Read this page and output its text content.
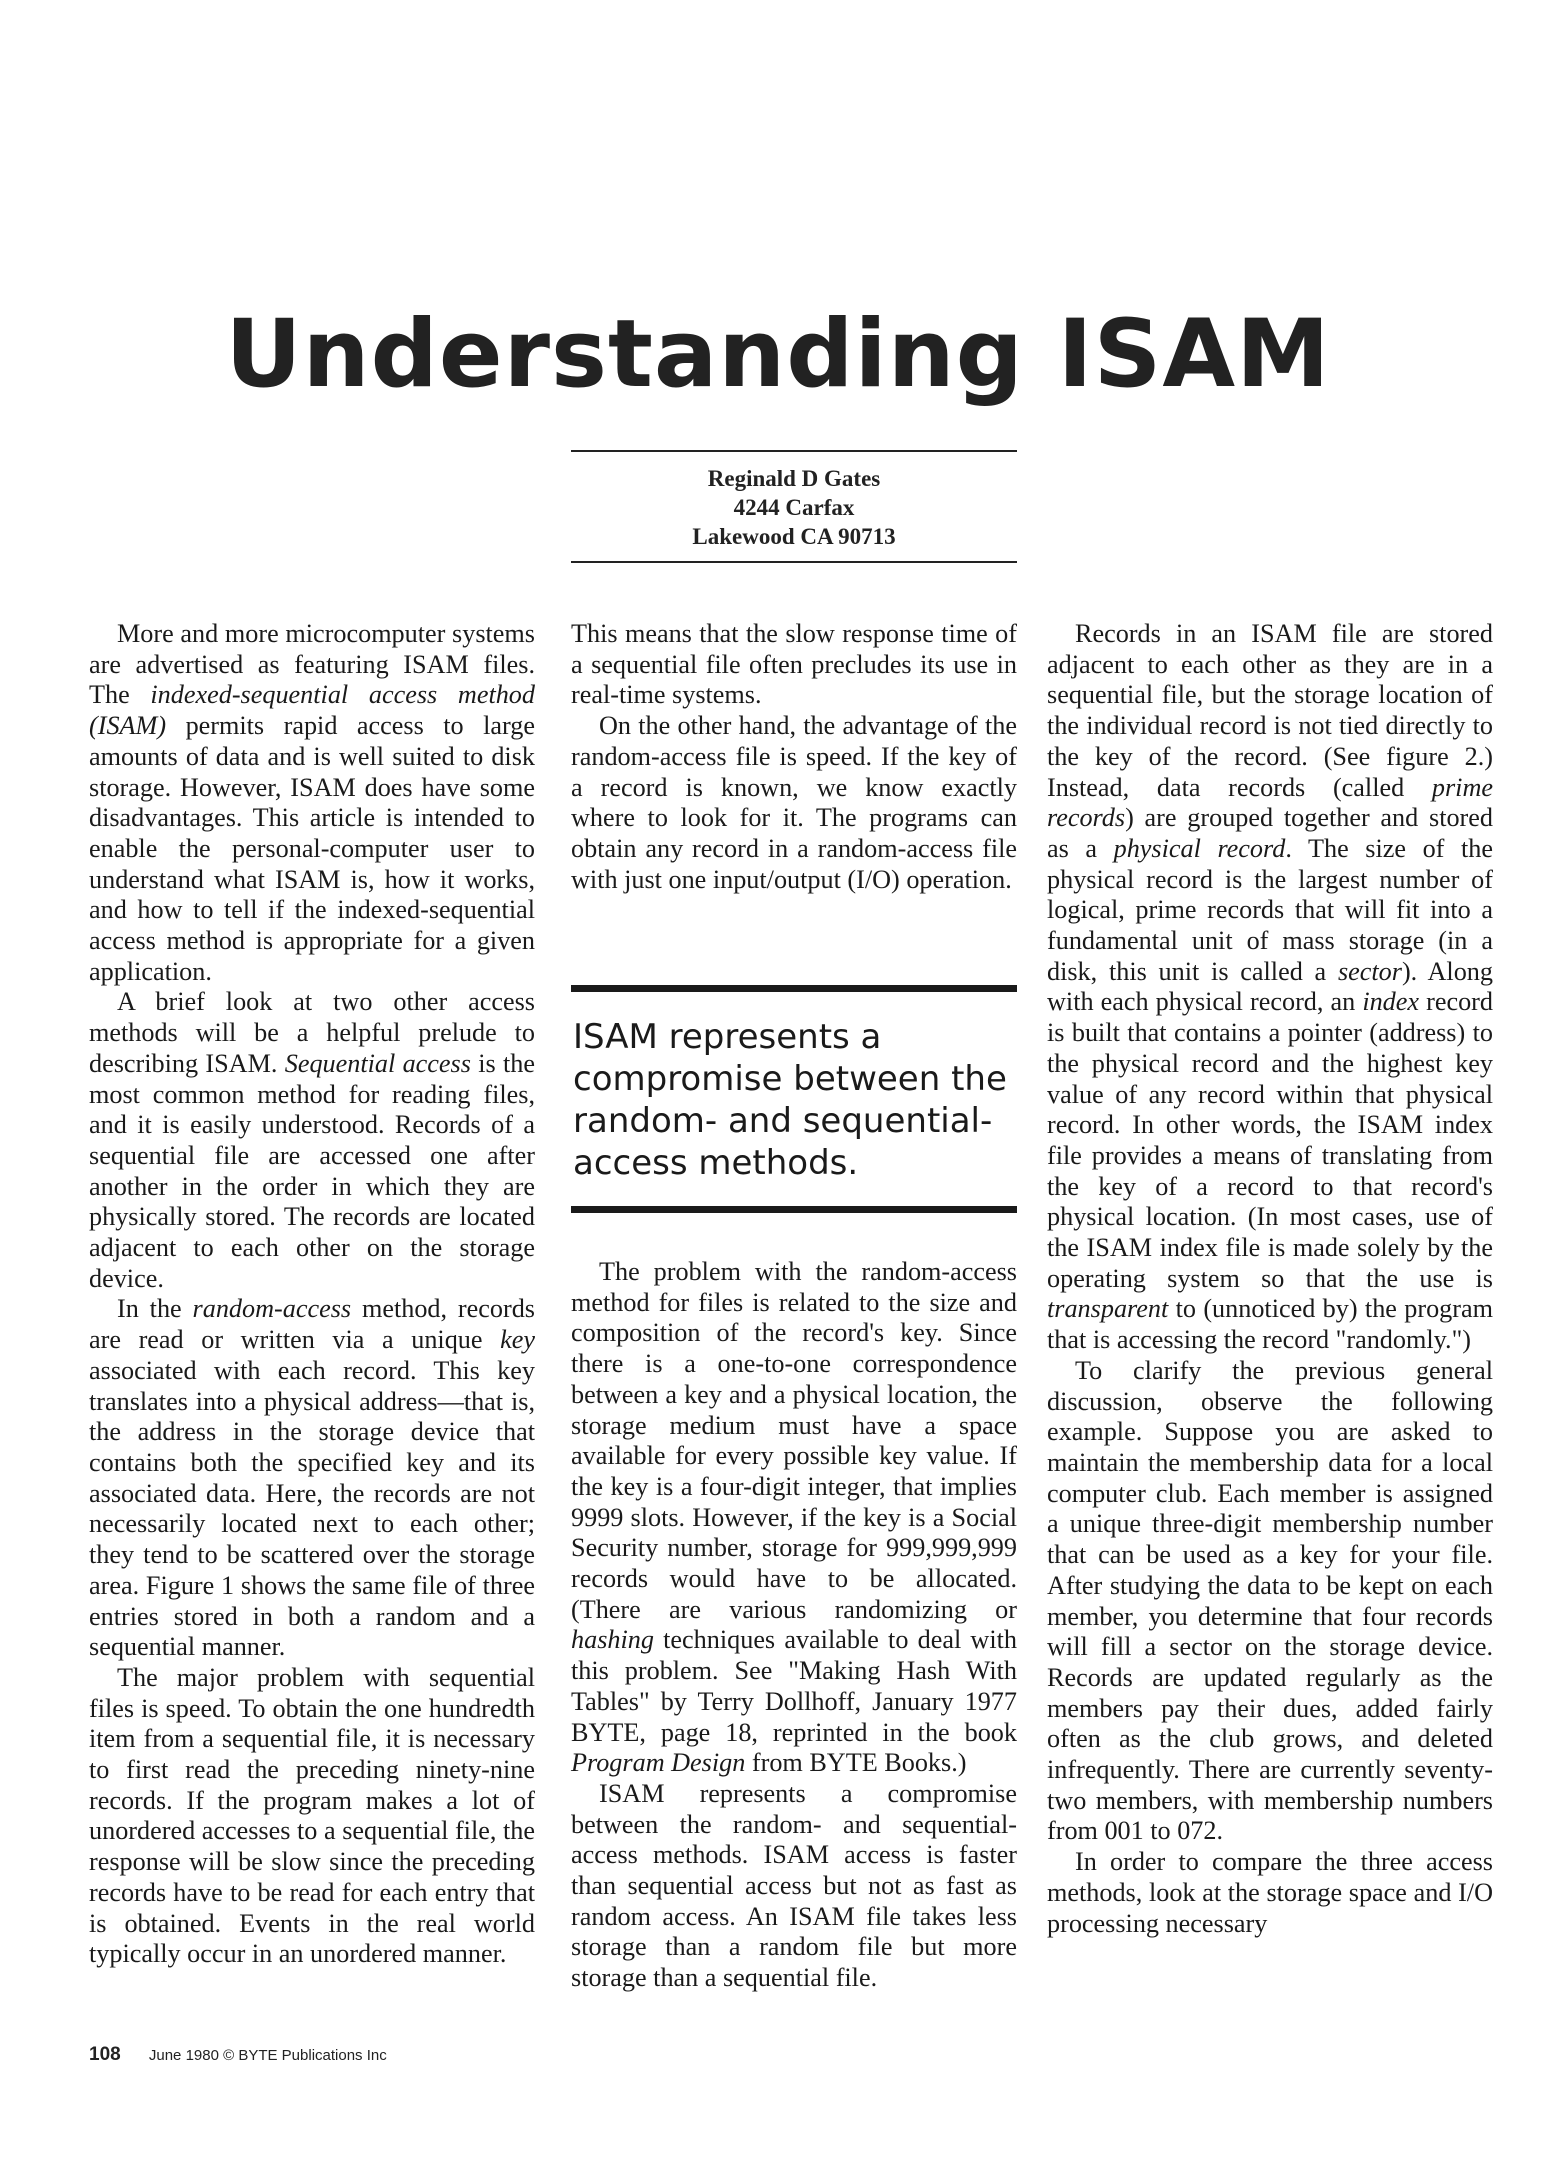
Understanding ISAM
Reginald D Gates
4244 Carfax
Lakewood CA 90713

More and more microcomputer systems are advertised as featuring ISAM files. The indexed-sequential access method (ISAM) permits rapid access to large amounts of data and is well suited to disk storage. However, ISAM does have some disadvantages. This article is intended to enable the personal-computer user to understand what ISAM is, how it works, and how to tell if the indexed-sequential access method is appropriate for a given application.

A brief look at two other access methods will be a helpful prelude to describing ISAM. Sequential access is the most common method for reading files, and it is easily understood. Records of a sequential file are accessed one after another in the order in which they are physically stored. The records are located adjacent to each other on the storage device.

In the random-access method, records are read or written via a unique key associated with each record. This key translates into a physical address—that is, the address in the storage device that contains both the specified key and its associated data. Here, the records are not necessarily located next to each other; they tend to be scattered over the storage area. Figure 1 shows the same file of three entries stored in both a random and a sequential manner.

The major problem with sequential files is speed. To obtain the one hundredth item from a sequential file, it is necessary to first read the preceding ninety-nine records. If the program makes a lot of unordered accesses to a sequential file, the response will be slow since the preceding records have to be read for each entry that is obtained. Events in the real world typically occur in an unordered manner.

This means that the slow response time of a sequential file often precludes its use in real-time systems.

On the other hand, the advantage of the random-access file is speed. If the key of a record is known, we know exactly where to look for it. The programs can obtain any record in a random-access file with just one input/output (I/O) operation.

ISAM represents a compromise between the random- and sequential-access methods.

The problem with the random-access method for files is related to the size and composition of the record's key. Since there is a one-to-one correspondence between a key and a physical location, the storage medium must have a space available for every possible key value. If the key is a four-digit integer, that implies 9999 slots. However, if the key is a Social Security number, storage for 999,999,999 records would have to be allocated. (There are various randomizing or hashing techniques available to deal with this problem. See "Making Hash With Tables" by Terry Dollhoff, January 1977 BYTE, page 18, reprinted in the book Program Design from BYTE Books.)

ISAM represents a compromise between the random- and sequential-access methods. ISAM access is faster than sequential access but not as fast as random access. An ISAM file takes less storage than a random file but more storage than a sequential file.

Records in an ISAM file are stored adjacent to each other as they are in a sequential file, but the storage location of the individual record is not tied directly to the key of the record. (See figure 2.) Instead, data records (called prime records) are grouped together and stored as a physical record. The size of the physical record is the largest number of logical, prime records that will fit into a fundamental unit of mass storage (in a disk, this unit is called a sector). Along with each physical record, an index record is built that contains a pointer (address) to the physical record and the highest key value of any record within that physical record. In other words, the ISAM index file provides a means of translating from the key of a record to that record's physical location. (In most cases, use of the ISAM index file is made solely by the operating system so that the use is transparent to (unnoticed by) the program that is accessing the record "randomly.")

To clarify the previous general discussion, observe the following example. Suppose you are asked to maintain the membership data for a local computer club. Each member is assigned a unique three-digit membership number that can be used as a key for your file. After studying the data to be kept on each member, you determine that four records will fill a sector on the storage device. Records are updated regularly as the members pay their dues, added fairly often as the club grows, and deleted infrequently. There are currently seventy-two members, with membership numbers from 001 to 072.

In order to compare the three access methods, look at the storage space and I/O processing necessary

108 June 1980 © BYTE Publications Inc
